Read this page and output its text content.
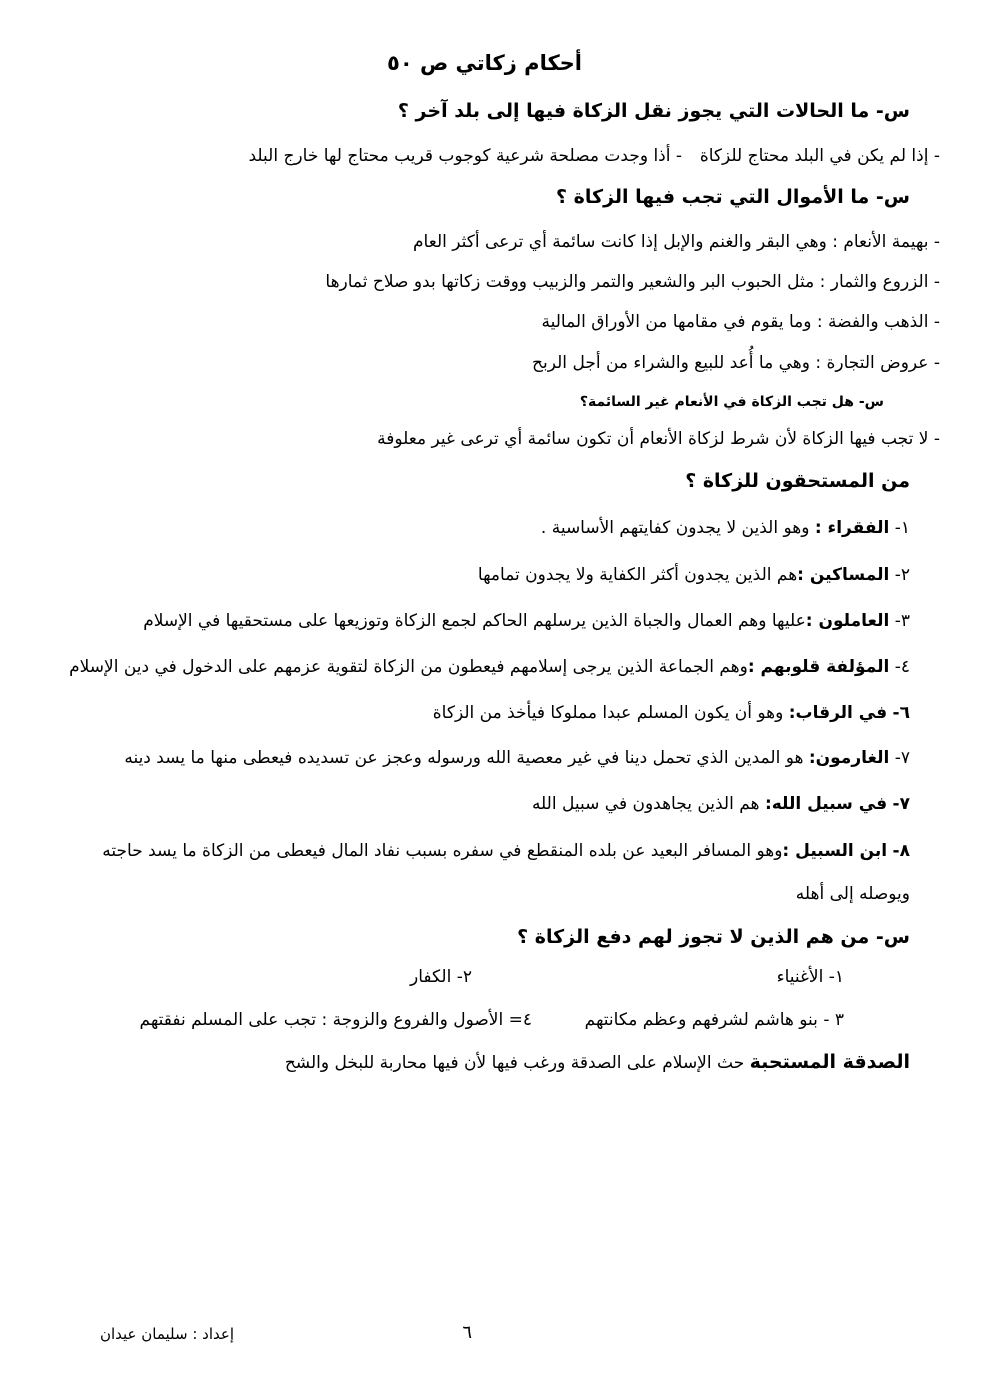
أحكام زكاتي ص ٥٠
س- ما الحالات التي يجوز نقل الزكاة فيها إلى بلد آخر ؟
- إذا لم يكن في البلد محتاج للزكاة
- أذا وجدت مصلحة شرعية كوجوب قريب محتاج لها خارج البلد
س- ما الأموال التي تجب فيها الزكاة ؟
- بهيمة الأنعام : وهي البقر والغنم والإبل إذا كانت سائمة أي ترعى أكثر العام
- الزروع والثمار : مثل الحبوب البر والشعير والتمر والزبيب ووقت زكاتها بدو صلاح ثمارها
- الذهب والفضة : وما يقوم في مقامها من الأوراق المالية
- عروض التجارة : وهي ما أُعد للبيع والشراء من أجل الربح
س- هل تجب الزكاة في الأنعام غير السائمة؟
- لا تجب فيها الزكاة لأن شرط لزكاة الأنعام أن تكون سائمة أي ترعى غير معلوفة
من المستحقون للزكاة ؟
١- الفقراء : وهو الذين لا يجدون كفايتهم الأساسية .
٢- المساكين :هم الذين يجدون أكثر الكفاية ولا يجدون تمامها
٣- العاملون :عليها وهم العمال والجباة الذين يرسلهم الحاكم لجمع الزكاة وتوزيعها على مستحقيها في الإسلام
٤- المؤلفة قلوبهم :وهم الجماعة الذين يرجى إسلامهم فيعطون من الزكاة لتقوية عزمهم على الدخول في دين الإسلام
٦- في الرقاب: وهو أن يكون المسلم عبدا مملوكا فيأخذ من الزكاة
٧- الغارمون: هو المدين الذي تحمل دينا في غير معصية الله ورسوله وعجز عن تسديده فيعطى منها ما يسد دينه
٧- في سبيل الله: هم الذين يجاهدون في سبيل الله
٨- ابن السبيل :وهو المسافر البعيد عن بلده المنقطع في سفره بسبب نفاد المال فيعطى من الزكاة ما يسد حاجته
ويوصله إلى أهله
س- من هم الذين لا تجوز لهم دفع الزكاة ؟
١- الأغنياء
٢- الكفار
٣ - بنو هاشم لشرفهم وعظم مكانتهم
٤= الأصول والفروع والزوجة : تجب على المسلم نفقتهم
الصدقة المستحبة حث الإسلام على الصدقة ورغب فيها لأن فيها محاربة للبخل والشح
٦
إعداد : سليمان عيدان
